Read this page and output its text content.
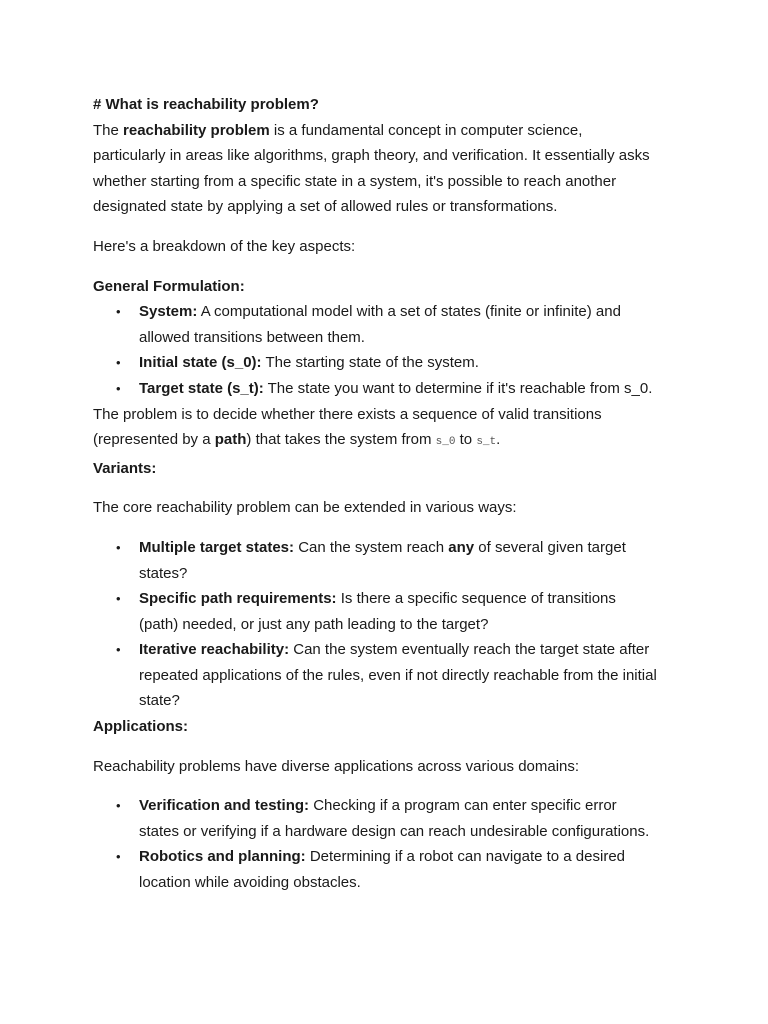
# What is reachability problem?
The reachability problem is a fundamental concept in computer science,
particularly in areas like algorithms, graph theory, and verification. It essentially asks
whether starting from a specific state in a system, it's possible to reach another
designated state by applying a set of allowed rules or transformations.
Here's a breakdown of the key aspects:
General Formulation:
• System: A computational model with a set of states (finite or infinite) and
allowed transitions between them.
• Initial state (s_0): The starting state of the system.
• Target state (s_t): The state you want to determine if it's reachable from s_0.
The problem is to decide whether there exists a sequence of valid transitions
(represented by a path) that takes the system from s_0 to s_t.
Variants:
The core reachability problem can be extended in various ways:
• Multiple target states: Can the system reach any of several given target
states?
• Specific path requirements: Is there a specific sequence of transitions
(path) needed, or just any path leading to the target?
• Iterative reachability: Can the system eventually reach the target state after
repeated applications of the rules, even if not directly reachable from the initial
state?
Applications:
Reachability problems have diverse applications across various domains:
• Verification and testing: Checking if a program can enter specific error
states or verifying if a hardware design can reach undesirable configurations.
• Robotics and planning: Determining if a robot can navigate to a desired
location while avoiding obstacles.
